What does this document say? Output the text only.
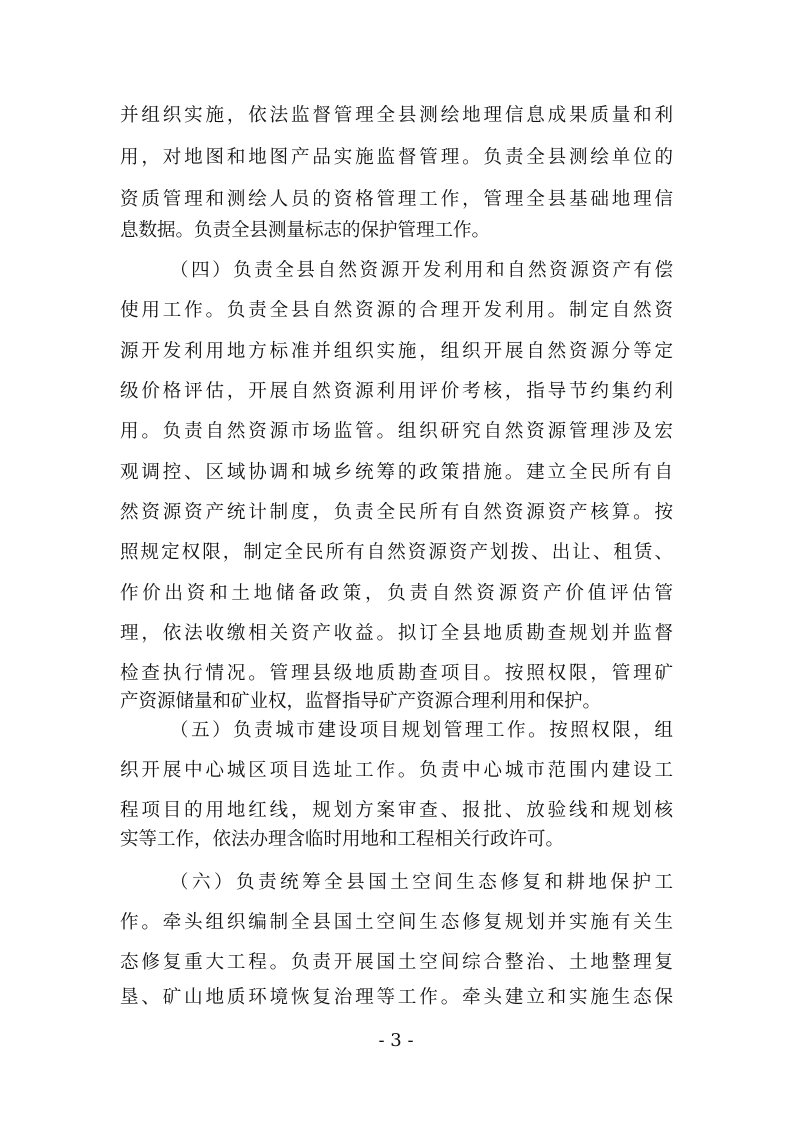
并组织实施，依法监督管理全县测绘地理信息成果质量和利
用，对地图和地图产品实施监督管理。负责全县测绘单位的
资质管理和测绘人员的资格管理工作，管理全县基础地理信
息数据。负责全县测量标志的保护管理工作。
（四）负责全县自然资源开发利用和自然资源资产有偿
使用工作。负责全县自然资源的合理开发利用。制定自然资
源开发利用地方标准并组织实施，组织开展自然资源分等定
级价格评估，开展自然资源利用评价考核，指导节约集约利
用。负责自然资源市场监管。组织研究自然资源管理涉及宏
观调控、区域协调和城乡统筹的政策措施。建立全民所有自
然资源资产统计制度，负责全民所有自然资源资产核算。按
照规定权限，制定全民所有自然资源资产划拨、出让、租赁、
作价出资和土地储备政策，负责自然资源资产价值评估管
理，依法收缴相关资产收益。拟订全县地质勘查规划并监督
检查执行情况。管理县级地质勘查项目。按照权限，管理矿
产资源储量和矿业权，监督指导矿产资源合理利用和保护。
（五）负责城市建设项目规划管理工作。按照权限，组
织开展中心城区项目选址工作。负责中心城市范围内建设工
程项目的用地红线，规划方案审查、报批、放验线和规划核
实等工作，依法办理含临时用地和工程相关行政许可。
（六）负责统筹全县国土空间生态修复和耕地保护工
作。牵头组织编制全县国土空间生态修复规划并实施有关生
态修复重大工程。负责开展国土空间综合整治、土地整理复
垦、矿山地质环境恢复治理等工作。牵头建立和实施生态保
- 3 -
